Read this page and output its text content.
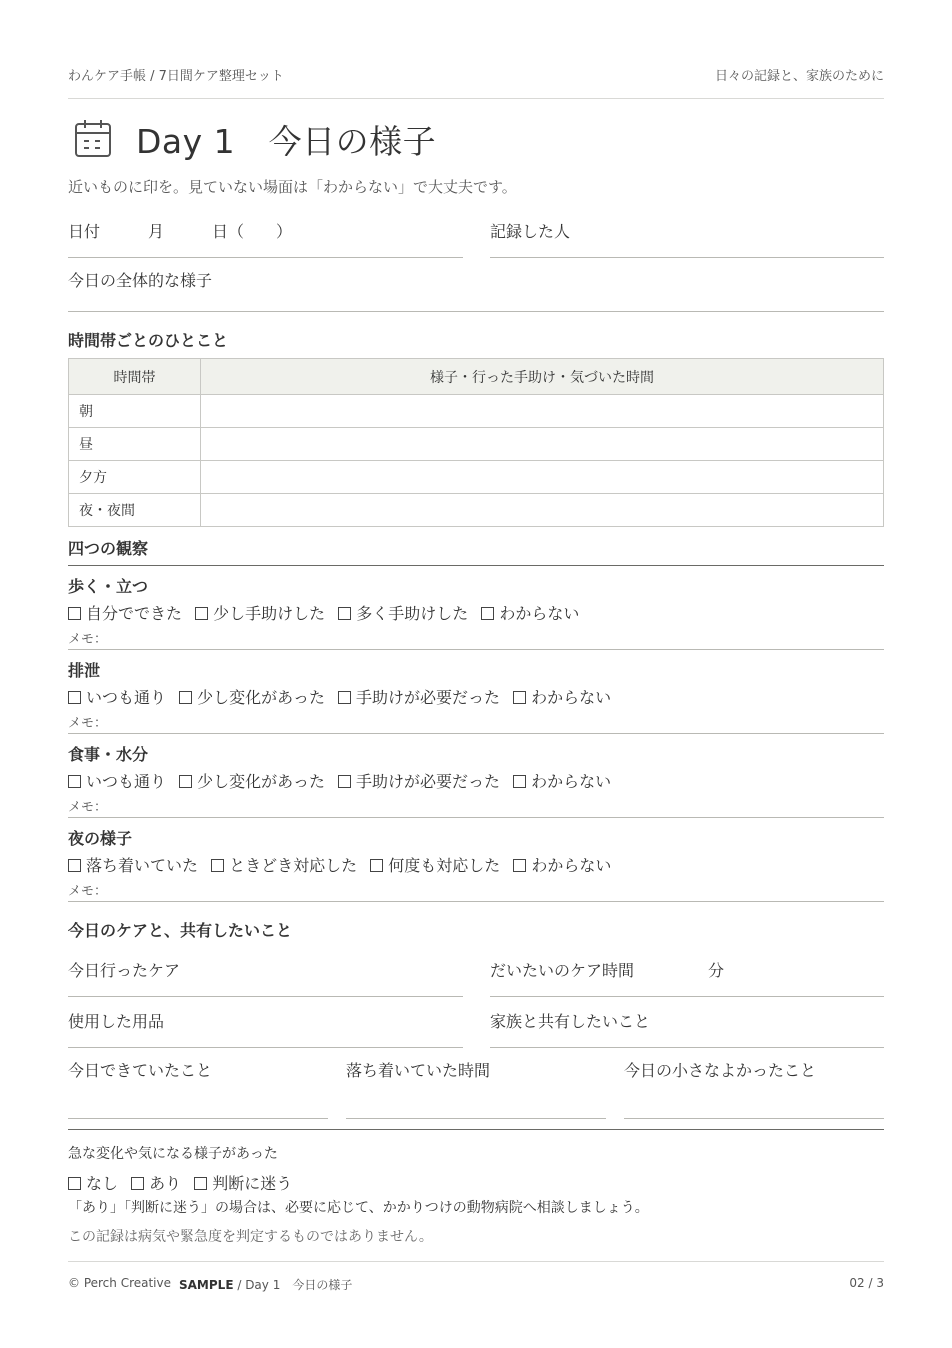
わんケア手帳 / 7日間ケア整理セット	日々の記録と、家族のために
Day 1　今日の様子
近いものに印を。見ていない場面は「わからない」で大丈夫です。
日付　　　月　　　日（　　）	記録した人
今日の全体的な様子
時間帯ごとのひとこと
時間帯	様子・行った手助け・気づいた時間
朝	
昼	
夕方	
夜・夜間	
四つの観察
歩く・立つ
自分でできた 少し手助けした 多く手助けした わからない
メモ：
排泄
いつも通り 少し変化があった 手助けが必要だった わからない
メモ：
食事・水分
いつも通り 少し変化があった 手助けが必要だった わからない
メモ：
夜の様子
落ち着いていた ときどき対応した 何度も対応した わからない
メモ：
今日のケアと、共有したいこと
今日行ったケア	だいたいのケア時間	分
使用した用品	家族と共有したいこと
今日できていたこと	落ち着いていた時間	今日の小さなよかったこと
急な変化や気になる様子があった
なし あり 判断に迷う
「あり」「判断に迷う」の場合は、必要に応じて、かかりつけの動物病院へ相談しましょう。
この記録は病気や緊急度を判定するものではありません。
© Perch Creative SAMPLE / Day 1　今日の様子	02 / 3
